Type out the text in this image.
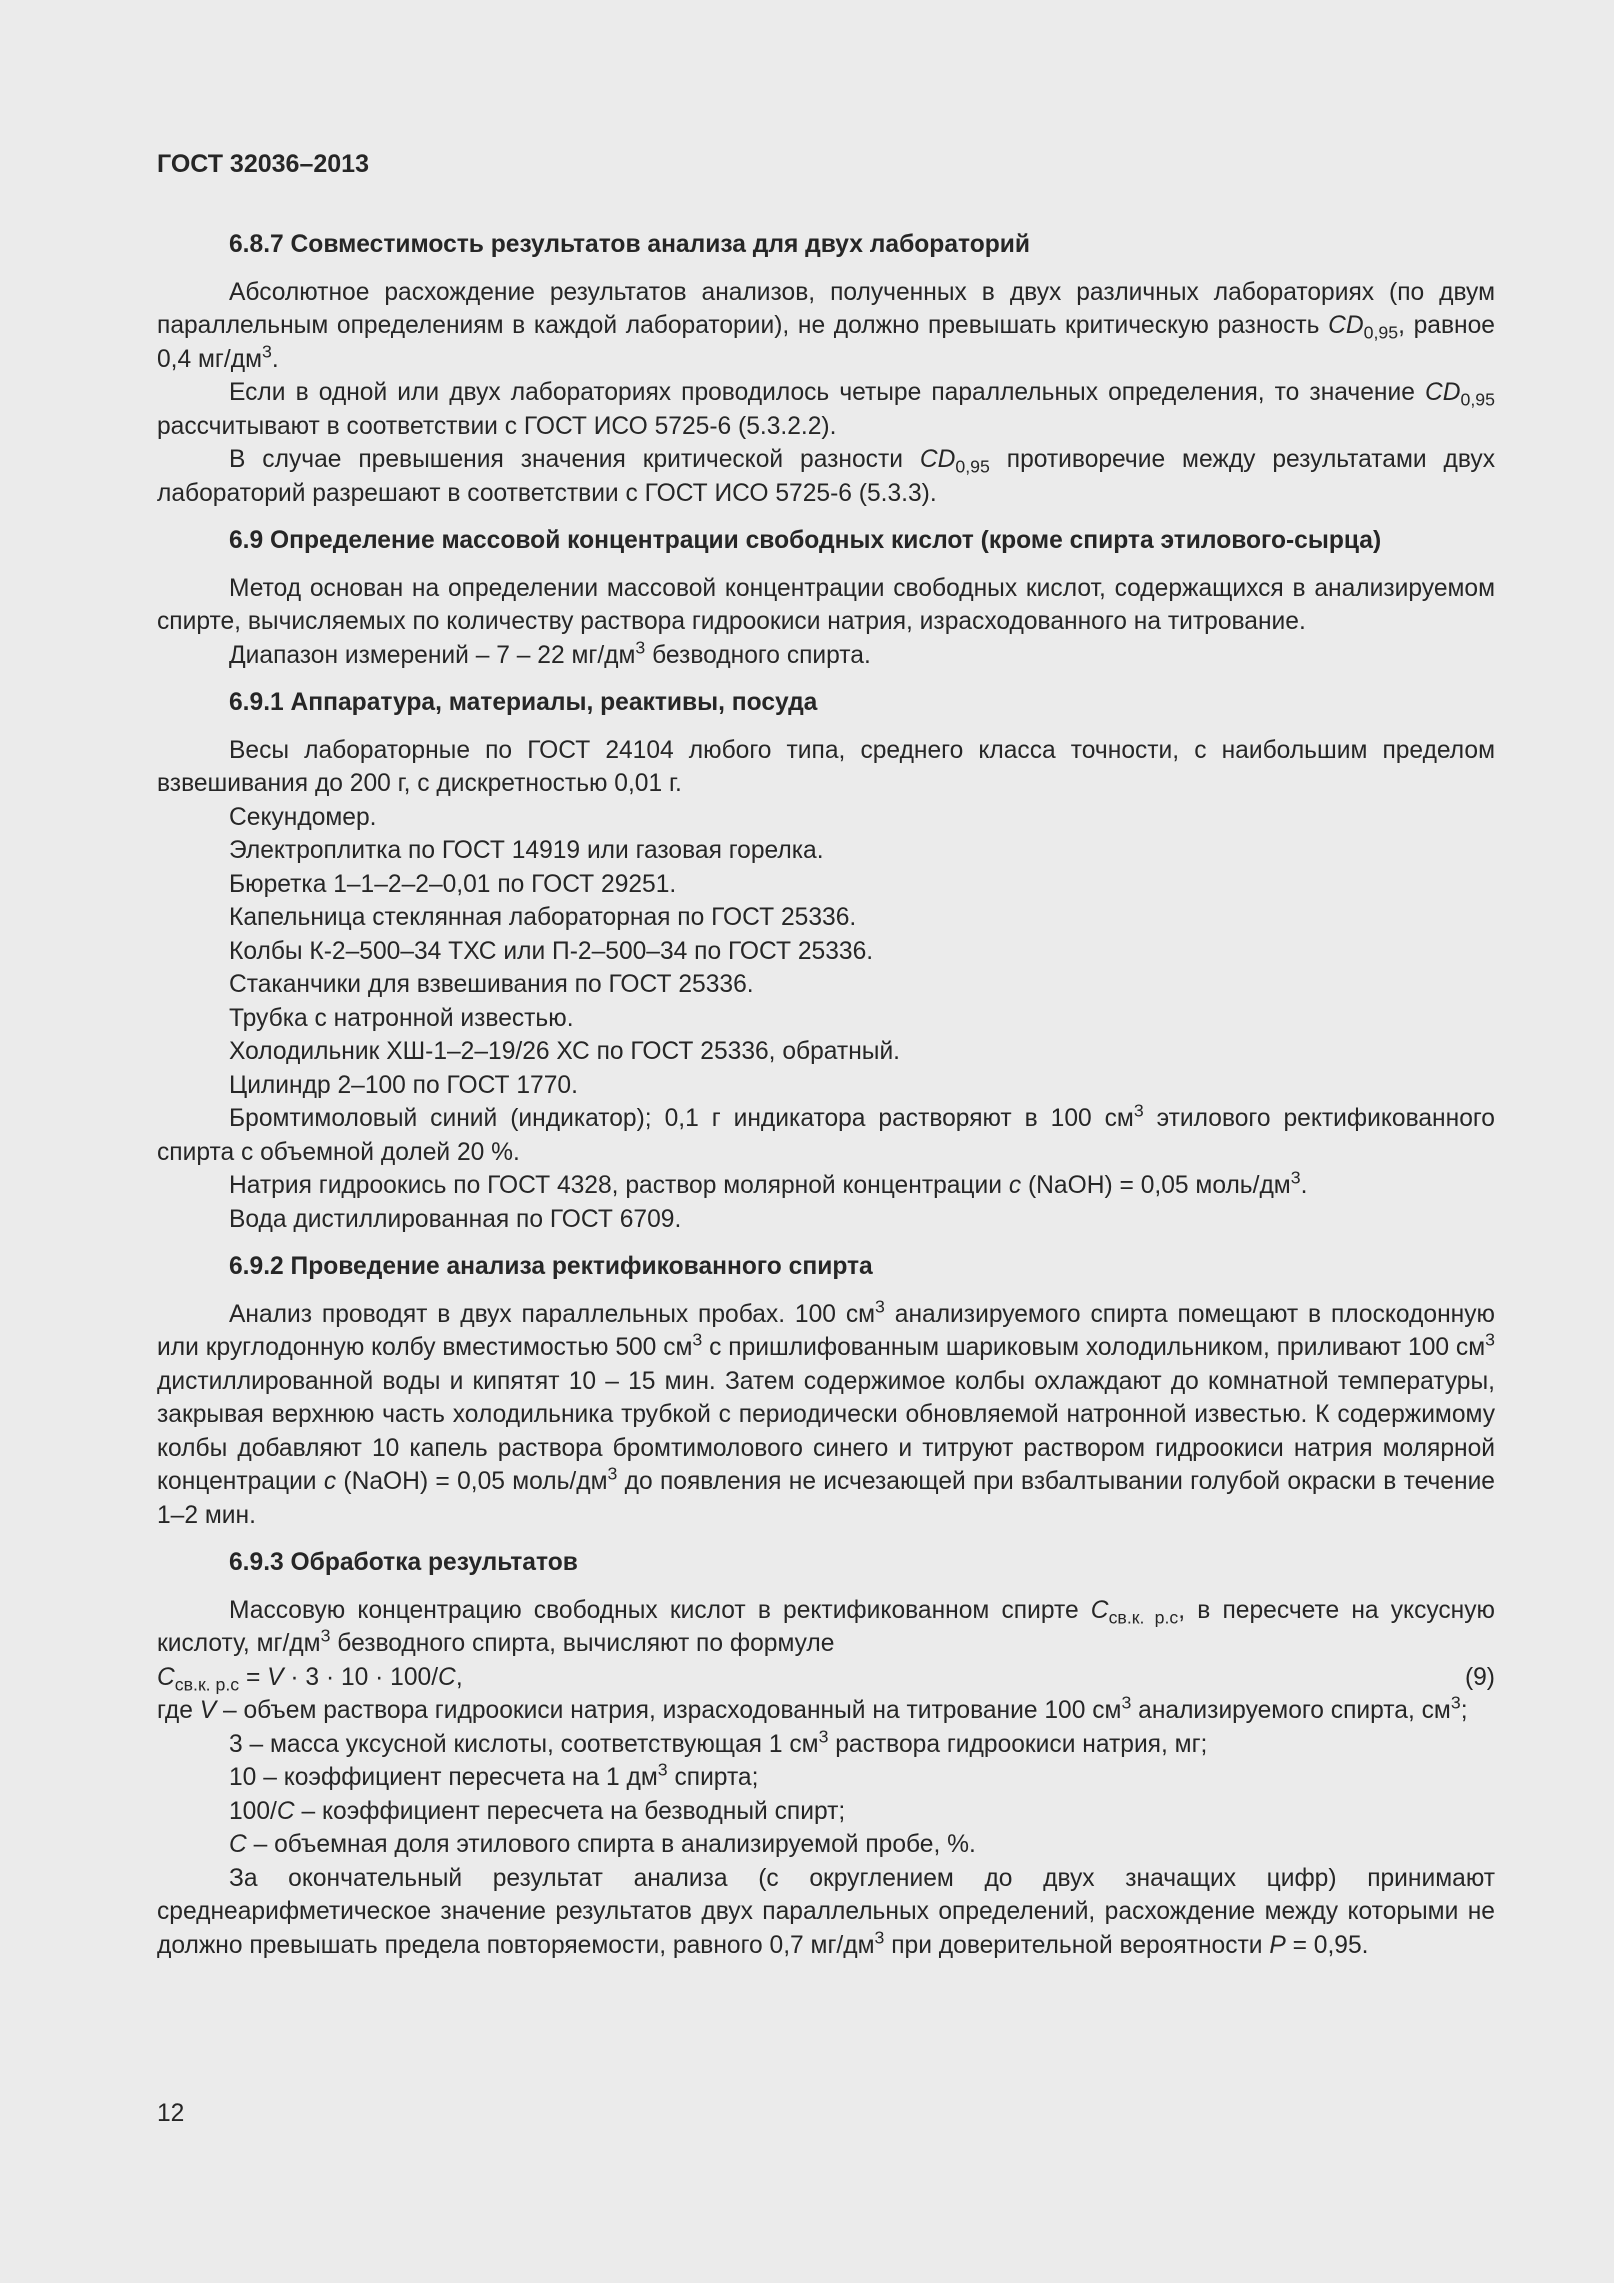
ГОСТ 32036–2013

6.8.7 Совместимость результатов анализа для двух лабораторий

Абсолютное расхождение результатов анализов, полученных в двух различных лабораториях (по двум параллельным определениям в каждой лаборатории), не должно превышать критическую разность $CD_{0,95}$, равное 0,4 $мг/дм^3$.

Если в одной или двух лабораториях проводилось четыре параллельных определения, то значение $CD_{0,95}$ рассчитывают в соответствии с ГОСТ ИСО 5725-6 (5.3.2.2).

В случае превышения значения критической разности $CD_{0,95}$ противоречие между результатами двух лабораторий разрешают в соответствии с ГОСТ ИСО 5725-6 (5.3.3).

6.9 Определение массовой концентрации свободных кислот (кроме спирта этилового-сырца)

Метод основан на определении массовой концентрации свободных кислот, содержащихся в анализируемом спирте, вычисляемых по количеству раствора гидроокиси натрия, израсходованного на титрование.

Диапазон измерений – 7 – 22 $мг/дм^3$ безводного спирта.

6.9.1 Аппаратура, материалы, реактивы, посуда

Весы лабораторные по ГОСТ 24104 любого типа, среднего класса точности, с наибольшим пределом взвешивания до 200 г, с дискретностью 0,01 г.

Секундомер.

Электроплитка по ГОСТ 14919 или газовая горелка.

Бюретка 1–1–2–2–0,01 по ГОСТ 29251.

Капельница стеклянная лабораторная по ГОСТ 25336.

Колбы К-2–500–34 ТХС или П-2–500–34 по ГОСТ 25336.

Стаканчики для взвешивания по ГОСТ 25336.

Трубка с натронной известью.

Холодильник ХШ-1–2–19/26 ХС по ГОСТ 25336, обратный.

Цилиндр 2–100 по ГОСТ 1770.

Бромтимоловый синий (индикатор); 0,1 г индикатора растворяют в 100 $см^3$ этилового ректификованного спирта с объемной долей 20 %.

Натрия гидроокись по ГОСТ 4328, раствор молярной концентрации c (NaOH) = 0,05 моль/$дм^3$.

Вода дистиллированная по ГОСТ 6709.

6.9.2 Проведение анализа ректификованного спирта

Анализ проводят в двух параллельных пробах. 100 $см^3$ анализируемого спирта помещают в плоскодонную или круглодонную колбу вместимостью 500 $см^3$ с пришлифованным шариковым холодильником, приливают 100 $см^3$ дистиллированной воды и кипятят 10 – 15 мин. Затем содержимое колбы охлаждают до комнатной температуры, закрывая верхнюю часть холодильника трубкой с периодически обновляемой натронной известью. К содержимому колбы добавляют 10 капель раствора бромтимолового синего и титруют раствором гидроокиси натрия молярной концентрации c (NaOH) = 0,05 моль/$дм^3$ до появления не исчезающей при взбалтывании голубой окраски в течение 1–2 мин.

6.9.3 Обработка результатов

Массовую концентрацию свободных кислот в ректификованном спирте $C_{св.к. р.с}$, в пересчете на уксусную кислоту, $мг/дм^3$ безводного спирта, вычисляют по формуле

$C_{св.к. р.с} = V \cdot 3 \cdot 10 \cdot 100/C$,	(9)

где V – объем раствора гидроокиси натрия, израсходованный на титрование 100 $см^3$ анализируемого спирта, $см^3$;

3 – масса уксусной кислоты, соответствующая 1 $см^3$ раствора гидроокиси натрия, мг;

10 – коэффициент пересчета на 1 $дм^3$ спирта;

100/C – коэффициент пересчета на безводный спирт;

C – объемная доля этилового спирта в анализируемой пробе, %.

За окончательный результат анализа (с округлением до двух значащих цифр) принимают среднеарифметическое значение результатов двух параллельных определений, расхождение между которыми не должно превышать предела повторяемости, равного 0,7 $мг/дм^3$ при доверительной вероятности P = 0,95.

12
